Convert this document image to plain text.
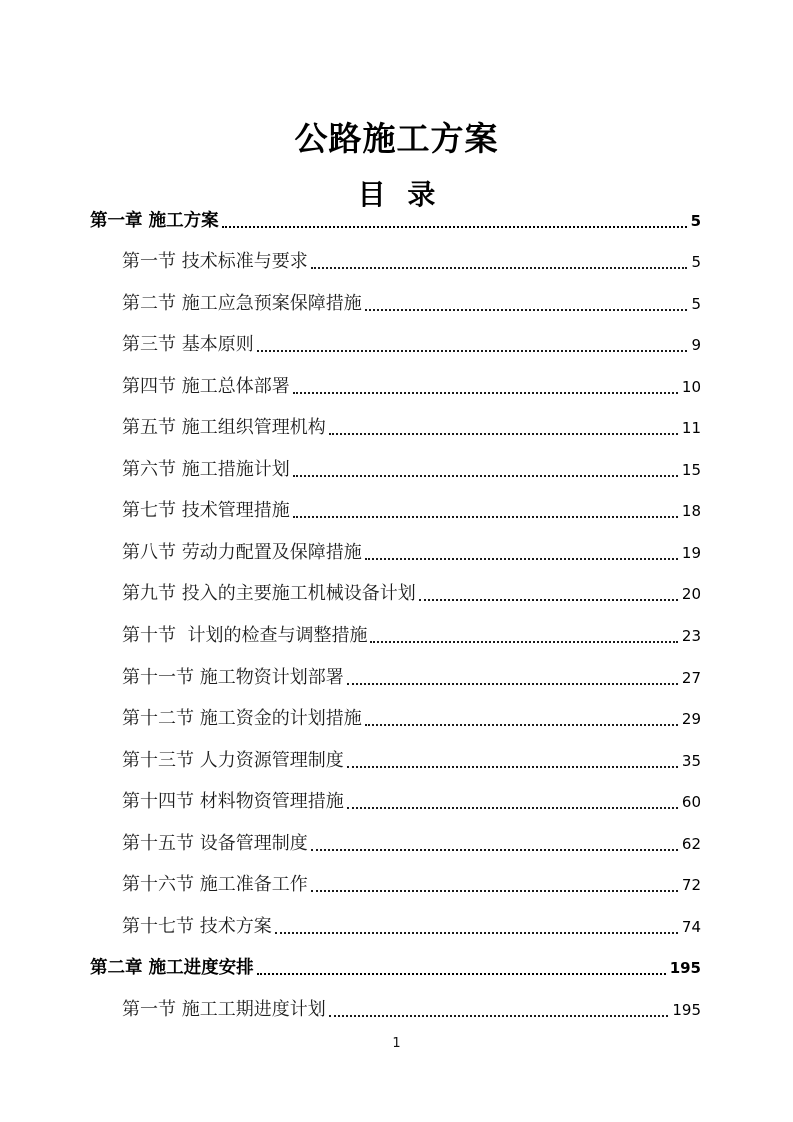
公路施工方案
目 录
第一章 施工方案	5
第一节 技术标准与要求	5
第二节 施工应急预案保障措施	5
第三节 基本原则	9
第四节 施工总体部署	10
第五节 施工组织管理机构	11
第六节 施工措施计划	15
第七节 技术管理措施	18
第八节 劳动力配置及保障措施	19
第九节 投入的主要施工机械设备计划	20
第十节  计划的检查与调整措施	23
第十一节 施工物资计划部署	27
第十二节 施工资金的计划措施	29
第十三节 人力资源管理制度	35
第十四节 材料物资管理措施	60
第十五节 设备管理制度	62
第十六节 施工准备工作	72
第十七节 技术方案	74
第二章 施工进度安排	195
第一节 施工工期进度计划	195
1
